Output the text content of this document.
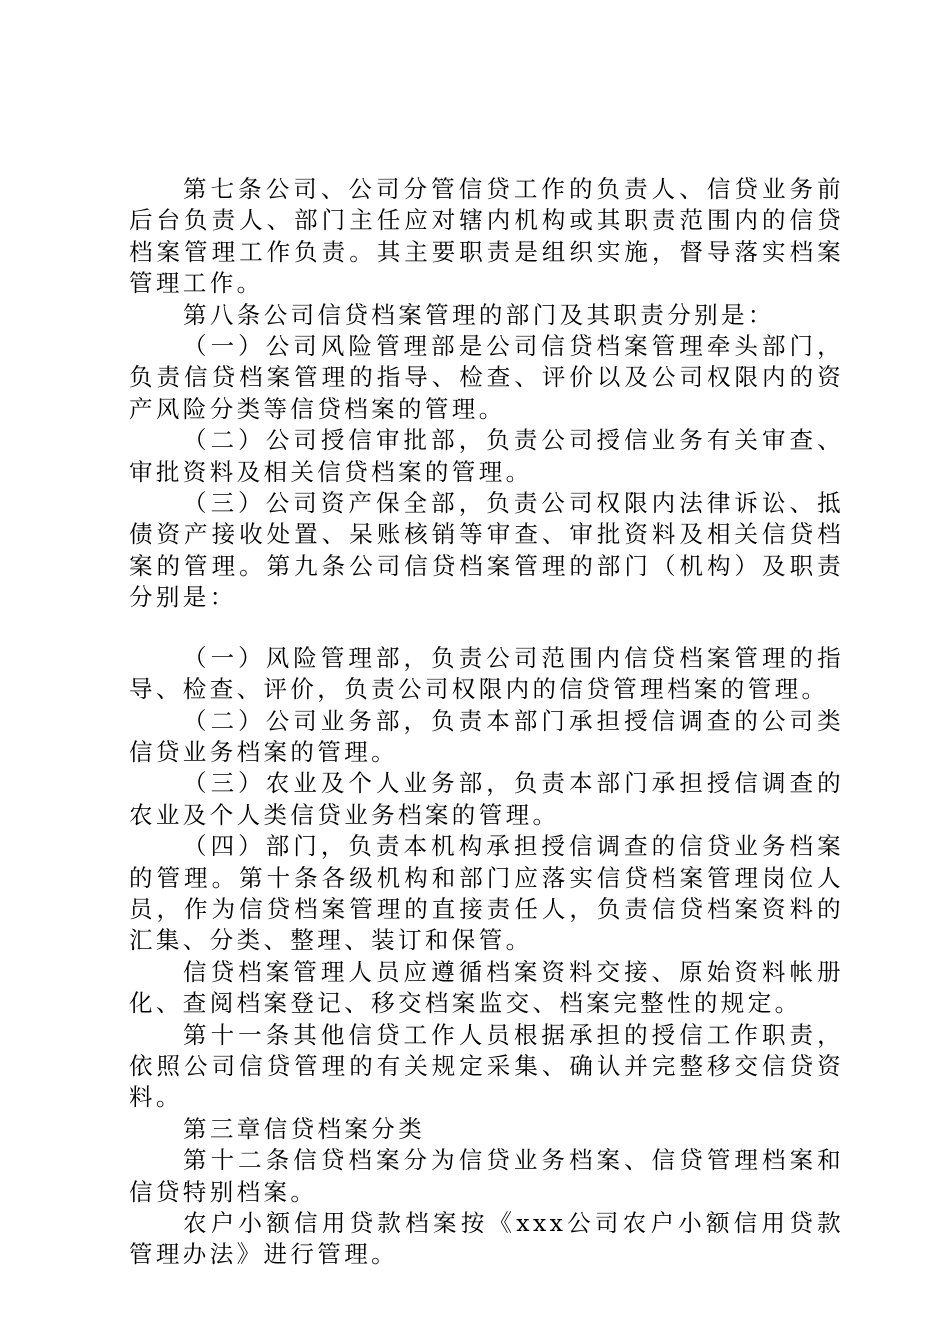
第七条公司、公司分管信贷工作的负责人、信贷业务前后台负责人、部门主任应对辖内机构或其职责范围内的信贷档案管理工作负责。其主要职责是组织实施，督导落实档案管理工作。

第八条公司信贷档案管理的部门及其职责分别是：

（一）公司风险管理部是公司信贷档案管理牵头部门，负责信贷档案管理的指导、检查、评价以及公司权限内的资产风险分类等信贷档案的管理。

（二）公司授信审批部，负责公司授信业务有关审查、审批资料及相关信贷档案的管理。

（三）公司资产保全部，负责公司权限内法律诉讼、抵债资产接收处置、呆账核销等审查、审批资料及相关信贷档案的管理。第九条公司信贷档案管理的部门（机构）及职责分别是：

（一）风险管理部，负责公司范围内信贷档案管理的指导、检查、评价，负责公司权限内的信贷管理档案的管理。

（二）公司业务部，负责本部门承担授信调查的公司类信贷业务档案的管理。

（三）农业及个人业务部，负责本部门承担授信调查的农业及个人类信贷业务档案的管理。

（四）部门，负责本机构承担授信调查的信贷业务档案的管理。第十条各级机构和部门应落实信贷档案管理岗位人员，作为信贷档案管理的直接责任人，负责信贷档案资料的汇集、分类、整理、装订和保管。

信贷档案管理人员应遵循档案资料交接、原始资料帐册化、查阅档案登记、移交档案监交、档案完整性的规定。

第十一条其他信贷工作人员根据承担的授信工作职责，依照公司信贷管理的有关规定采集、确认并完整移交信贷资料。

第三章信贷档案分类

第十二条信贷档案分为信贷业务档案、信贷管理档案和信贷特别档案。

农户小额信用贷款档案按《xxx公司农户小额信用贷款管理办法》进行管理。
